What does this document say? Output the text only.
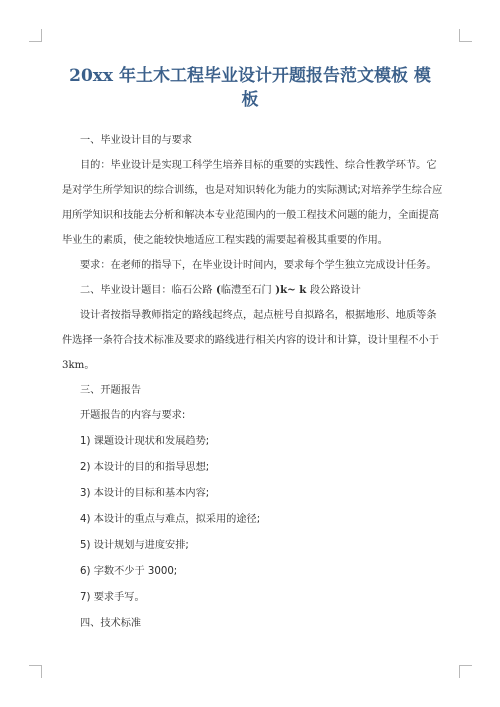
20xx 年土木工程毕业设计开题报告范文模板 模
板
一、毕业设计目的与要求
目的：毕业设计是实现工科学生培养目标的重要的实践性、综合性教学环节。它
是对学生所学知识的综合训练，也是对知识转化为能力的实际测试;对培养学生综合应
用所学知识和技能去分析和解决本专业范围内的一般工程技术问题的能力，全面提高
毕业生的素质，使之能较快地适应工程实践的需要起着极其重要的作用。
要求：在老师的指导下，在毕业设计时间内，要求每个学生独立完成设计任务。
二、毕业设计题目：临石公路 (临澧至石门 )k~ k 段公路设计
设计者按指导教师指定的路线起终点，起点桩号自拟路名，根据地形、地质等条
件选择一条符合技术标准及要求的路线进行相关内容的设计和计算，设计里程不小于
3km。
三、开题报告
开题报告的内容与要求:
1) 课题设计现状和发展趋势;
2) 本设计的目的和指导思想;
3) 本设计的目标和基本内容;
4) 本设计的重点与难点，拟采用的途径;
5) 设计规划与进度安排;
6) 字数不少于 3000;
7) 要求手写。
四、技术标准
